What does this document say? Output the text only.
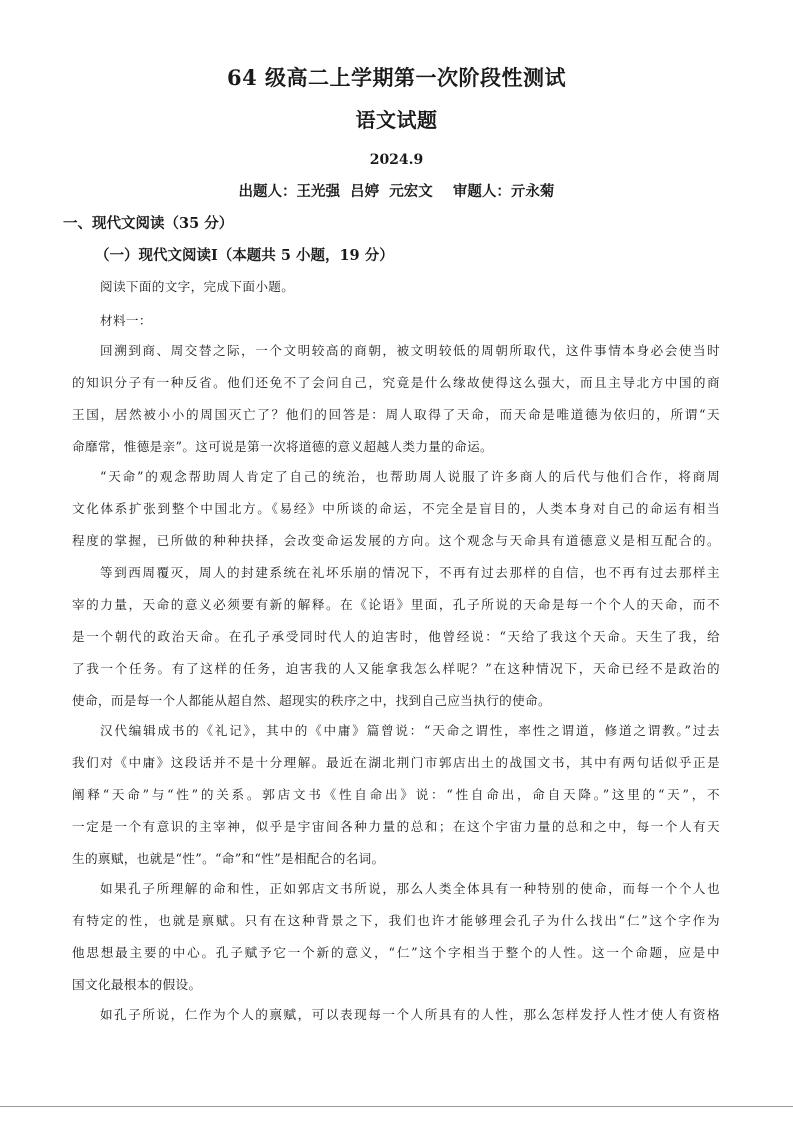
64 级高二上学期第一次阶段性测试
语文试题
2024.9
出题人：王光强  吕婷  元宏文    审题人：亓永菊
一、现代文阅读（35 分）
（一）现代文阅读Ⅰ（本题共 5 小题，19 分）

阅读下面的文字，完成下面小题。

材料一：

回溯到商、周交替之际，一个文明较高的商朝，被文明较低的周朝所取代，这件事情本身必会使当时

的知识分子有一种反省。他们还免不了会问自己，究竟是什么缘故使得这么强大，而且主导北方中国的商

王国，居然被小小的周国灭亡了？他们的回答是：周人取得了天命，而天命是唯道德为依归的，所谓“天

命靡常，惟德是亲”。这可说是第一次将道德的意义超越人类力量的命运。

“天命”的观念帮助周人肯定了自己的统治，也帮助周人说服了许多商人的后代与他们合作，将商周

文化体系扩张到整个中国北方。《易经》中所谈的命运，不完全是盲目的，人类本身对自己的命运有相当

程度的掌握，已所做的种种抉择，会改变命运发展的方向。这个观念与天命具有道德意义是相互配合的。

等到西周覆灭，周人的封建系统在礼坏乐崩的情况下，不再有过去那样的自信，也不再有过去那样主

宰的力量，天命的意义必须要有新的解释。在《论语》里面，孔子所说的天命是每一个个人的天命，而不

是一个朝代的政治天命。在孔子承受同时代人的迫害时，他曾经说：“天给了我这个天命。天生了我，给

了我一个任务。有了这样的任务，迫害我的人又能拿我怎么样呢？”在这种情况下，天命已经不是政治的

使命，而是每一个人都能从超自然、超现实的秩序之中，找到自己应当执行的使命。

汉代编辑成书的《礼记》，其中的《中庸》篇曾说：“天命之谓性，率性之谓道，修道之谓教。”过去

我们对《中庸》这段话并不是十分理解。最近在湖北荆门市郭店出土的战国文书，其中有两句话似乎正是

阐释“天命”与“性”的关系。郭店文书《性自命出》说：“性自命出，命自天降。”这里的“天”，不

一定是一个有意识的主宰神，似乎是宇宙间各种力量的总和；在这个宇宙力量的总和之中，每一个人有天

生的禀赋，也就是“性”。“命”和“性”是相配合的名词。

如果孔子所理解的命和性，正如郭店文书所说，那么人类全体具有一种特别的使命，而每一个个人也

有特定的性，也就是禀赋。只有在这种背景之下，我们也许才能够理会孔子为什么找出“仁”这个字作为

他思想最主要的中心。孔子赋予它一个新的意义，“仁”这个字相当于整个的人性。这一个命题，应是中

国文化最根本的假设。

如孔子所说，仁作为个人的禀赋，可以表现每一个人所具有的人性，那么怎样发抒人性才使人有资格
